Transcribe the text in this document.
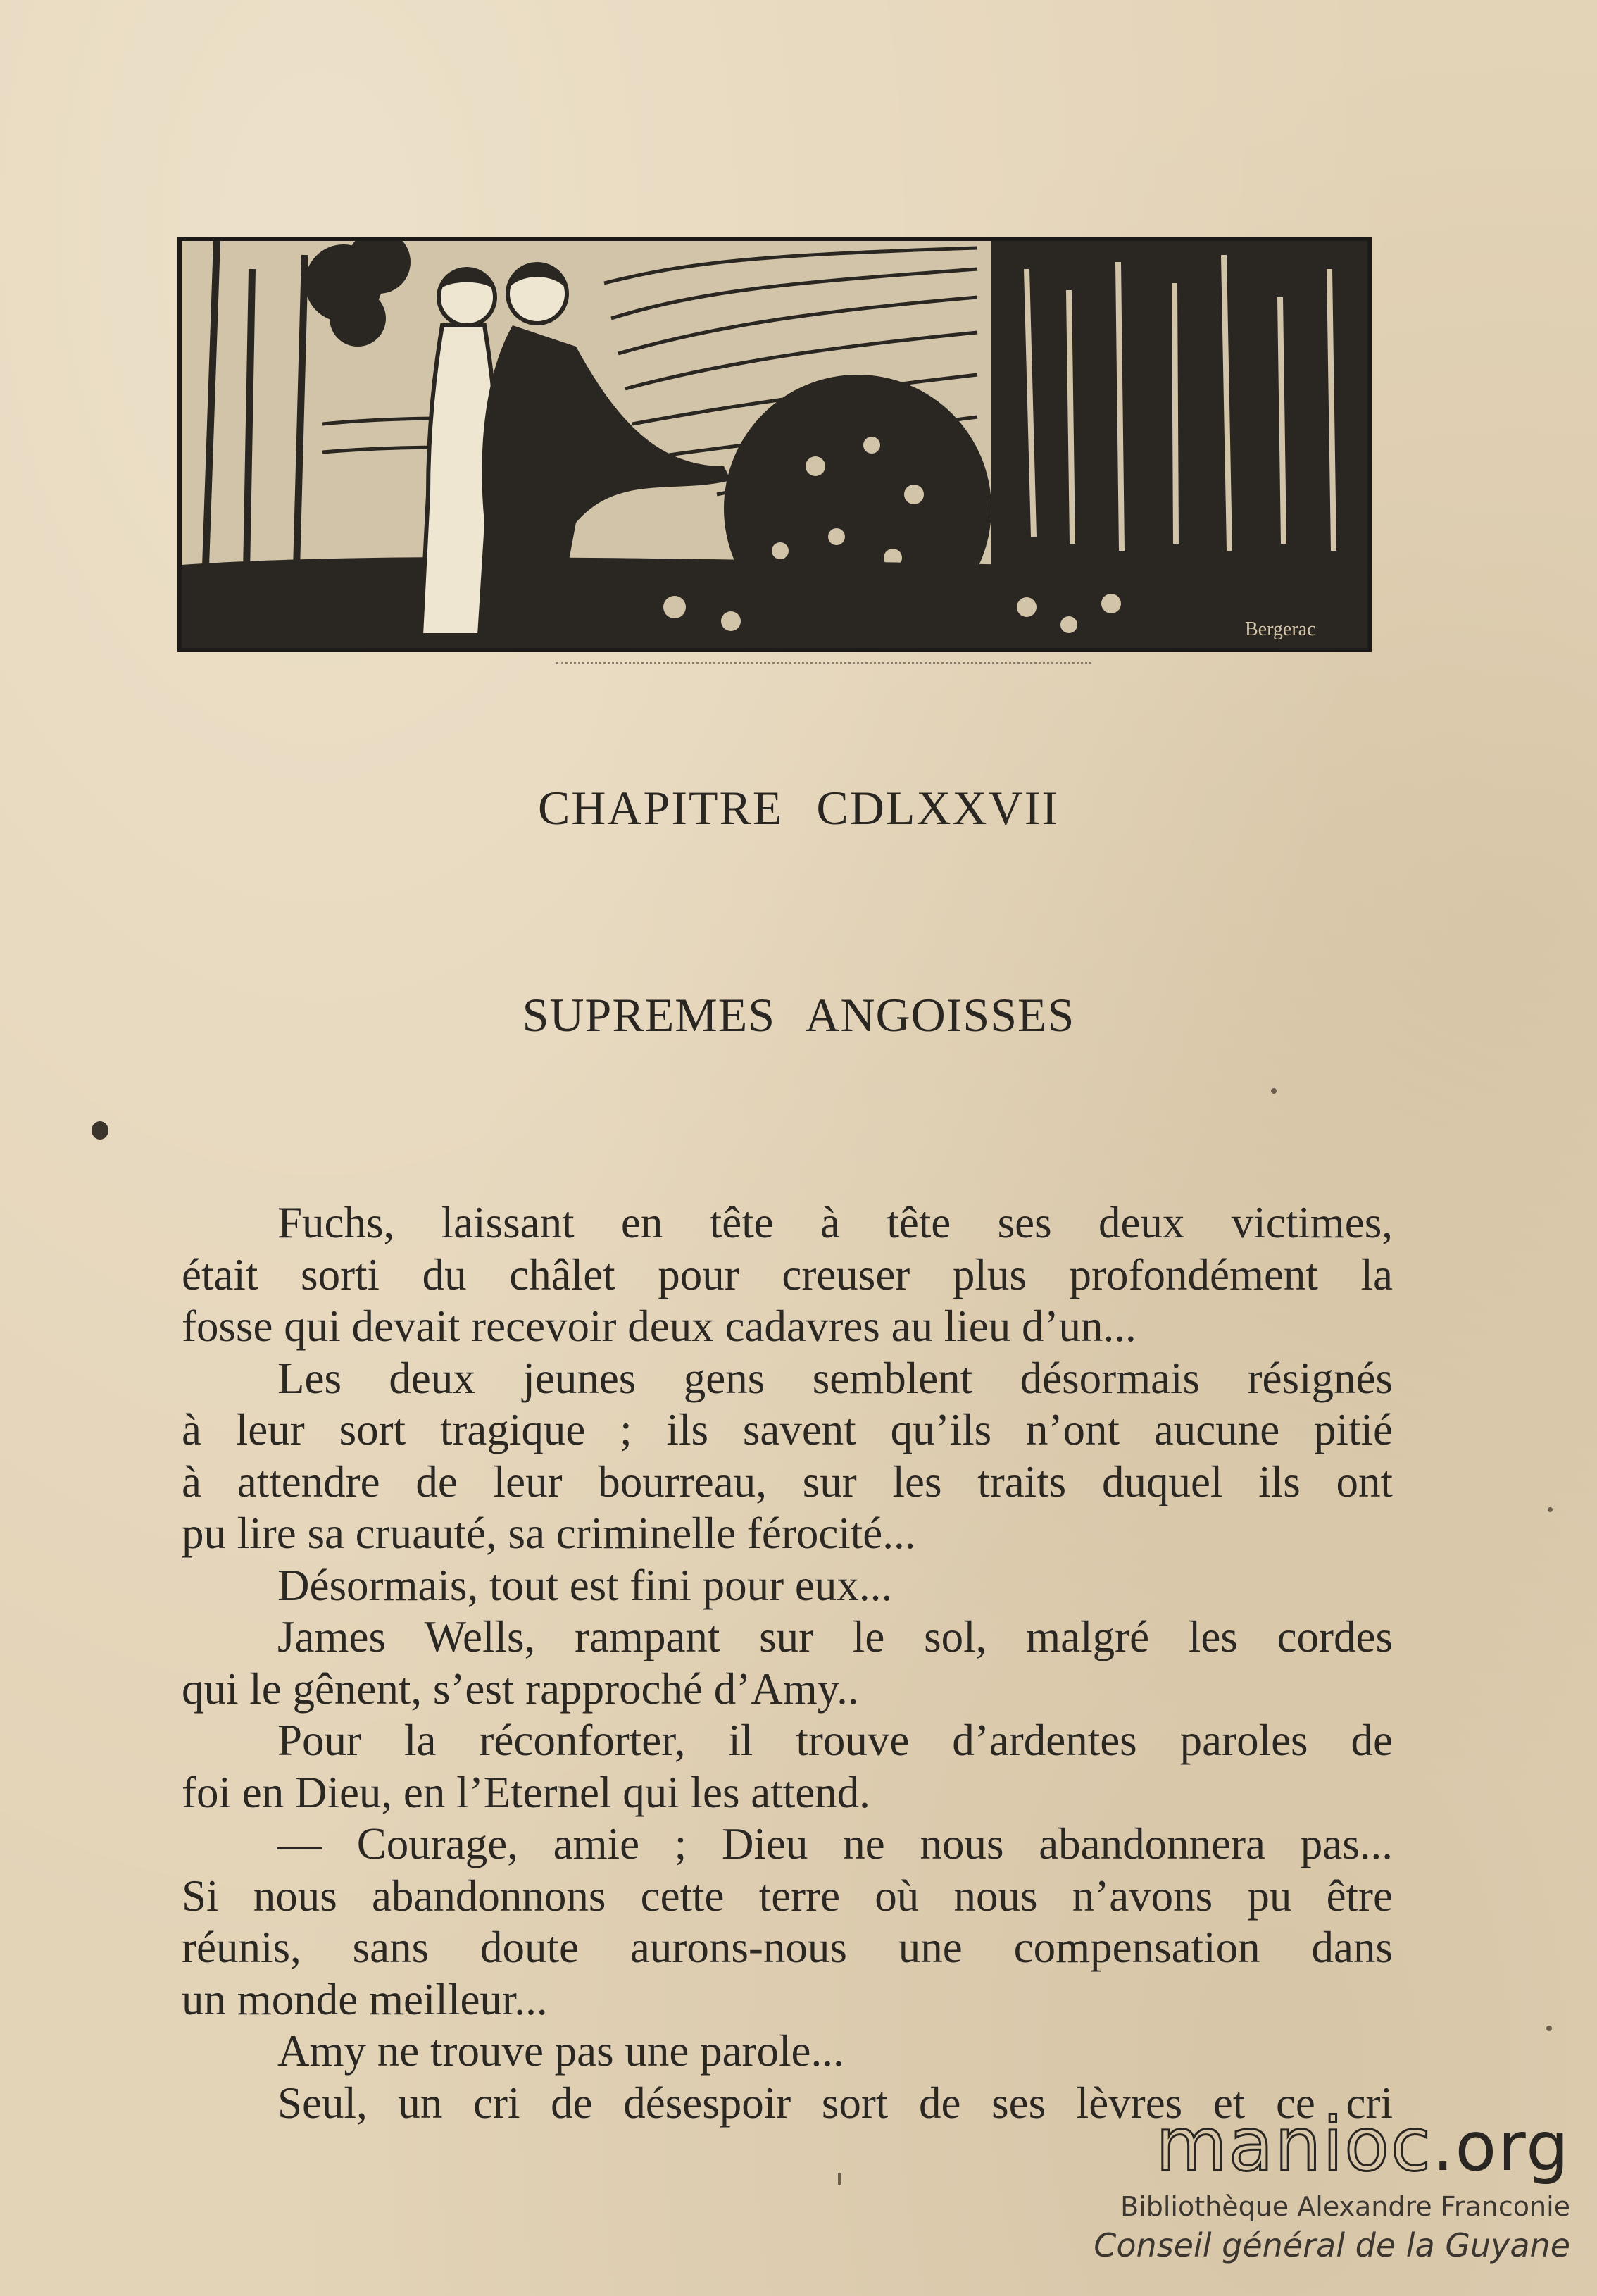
Bergerac
CHAPITRE CDLXXVII
SUPREMES ANGOISSES
Fuchs, laissant en tête à tête ses deux victimes,
était sorti du châlet pour creuser plus profondément la
fosse qui devait recevoir deux cadavres au lieu d’un...
Les deux jeunes gens semblent désormais résignés
à leur sort tragique ; ils savent qu’ils n’ont aucune pitié
à attendre de leur bourreau, sur les traits duquel ils ont
pu lire sa cruauté, sa criminelle férocité...
Désormais, tout est fini pour eux...
James Wells, rampant sur le sol, malgré les cordes
qui le gênent, s’est rapproché d’Amy..
Pour la réconforter, il trouve d’ardentes paroles de
foi en Dieu, en l’Eternel qui les attend.
— Courage, amie ; Dieu ne nous abandonnera pas...
Si nous abandonnons cette terre où nous n’avons pu être
réunis, sans doute aurons-nous une compensation dans
un monde meilleur...
Amy ne trouve pas une parole...
Seul, un cri de désespoir sort de ses lèvres et ce cri
manioc.org
Bibliothèque Alexandre Franconie
Conseil général de la Guyane
